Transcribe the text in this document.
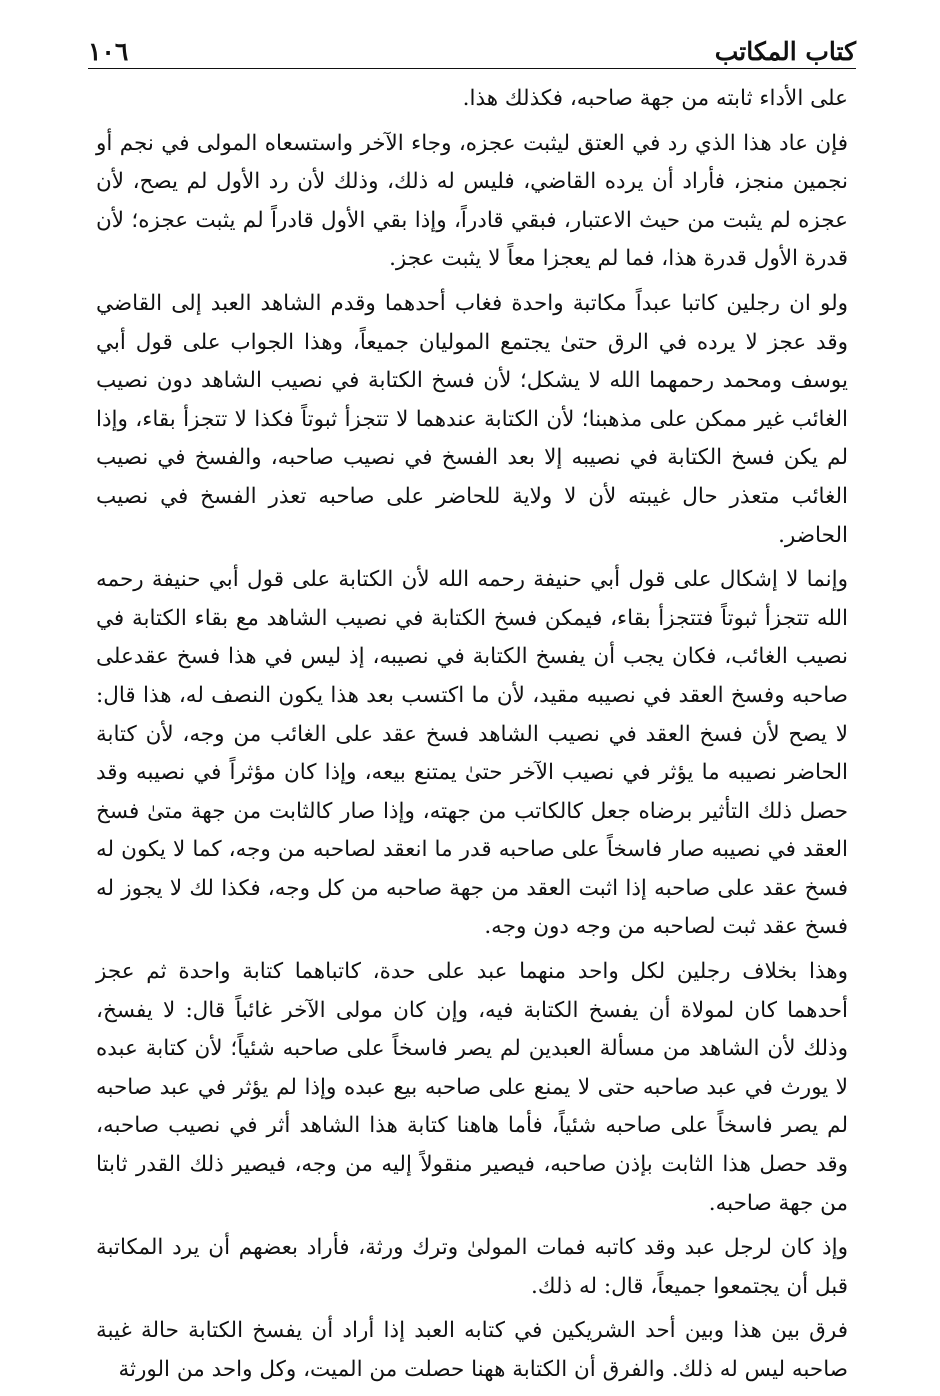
كتاب المكاتب
١٠٦

على الأداء ثابته من جهة صاحبه، فكذلك هذا.

فإن عاد هذا الذي رد في العتق ليثبت عجزه، وجاء الآخر واستسعاه المولى في نجم أو نجمين منجز، فأراد أن يرده القاضي، فليس له ذلك، وذلك لأن رد الأول لم يصح، لأن عجزه لم يثبت من حيث الاعتبار، فبقي قادراً، وإذا بقي الأول قادراً لم يثبت عجزه؛ لأن قدرة الأول قدرة هذا، فما لم يعجزا معاً لا يثبت عجز.

ولو ان رجلين كاتبا عبداً مكاتبة واحدة فغاب أحدهما وقدم الشاهد العبد إلى القاضي وقد عجز لا يرده في الرق حتىٰ يجتمع المولیان جميعاً، وهذا الجواب على قول أبي يوسف ومحمد رحمهما الله لا يشكل؛ لأن فسخ الكتابة في نصيب الشاهد دون نصيب الغائب غير ممكن على مذهبنا؛ لأن الكتابة عندهما لا تتجزأ ثبوتاً فكذا لا تتجزأ بقاء، وإذا لم يكن فسخ الكتابة في نصيبه إلا بعد الفسخ في نصيب صاحبه، والفسخ في نصيب الغائب متعذر حال غيبته لأن لا ولاية للحاضر على صاحبه تعذر الفسخ في نصيب الحاضر.

وإنما لا إشكال على قول أبي حنيفة رحمه الله لأن الكتابة على قول أبي حنيفة رحمه الله تتجزأ ثبوتاً فتتجزأ بقاء، فيمكن فسخ الكتابة في نصيب الشاهد مع بقاء الكتابة في نصيب الغائب، فكان يجب أن يفسخ الكتابة في نصيبه، إذ ليس في هذا فسخ عقدعلى صاحبه وفسخ العقد في نصيبه مقيد، لأن ما اكتسب بعد هذا يكون النصف له، هذا قال: لا يصح لأن فسخ العقد في نصيب الشاهد فسخ عقد على الغائب من وجه، لأن كتابة الحاضر نصيبه ما يؤثر في نصيب الآخر حتىٰ يمتنع بيعه، وإذا كان مؤثراً في نصيبه وقد حصل ذلك التأثير برضاه جعل كالكاتب من جهته، وإذا صار كالثابت من جهة متىٰ فسخ العقد في نصيبه صار فاسخاً على صاحبه قدر ما انعقد لصاحبه من وجه، كما لا يكون له فسخ عقد على صاحبه إذا اثبت العقد من جهة صاحبه من كل وجه، فكذا لك لا يجوز له فسخ عقد ثبت لصاحبه من وجه دون وجه.

وهذا بخلاف رجلين لكل واحد منهما عبد على حدة، كاتباهما كتابة واحدة ثم عجز أحدهما كان لمولاة أن يفسخ الكتابة فيه، وإن كان مولى الآخر غائباً قال: لا يفسخ، وذلك لأن الشاهد من مسألة العبدين لم يصر فاسخاً على صاحبه شئياً؛ لأن كتابة عبده لا يورث في عبد صاحبه حتى لا يمنع على صاحبه بيع عبده وإذا لم يؤثر في عبد صاحبه لم يصر فاسخاً على صاحبه شئياً، فأما هاهنا كتابة هذا الشاهد أثر في نصيب صاحبه، وقد حصل هذا الثابت بإذن صاحبه، فيصير منقولاً إليه من وجه، فيصير ذلك القدر ثابتا من جهة صاحبه.

وإذ كان لرجل عبد وقد كاتبه فمات المولىٰ وترك ورثة، فأراد بعضهم أن يرد المكاتبة قبل أن يجتمعوا جميعاً، قال: له ذلك.

فرق بين هذا وبين أحد الشريكين في كتابه العبد إذا أراد أن يفسخ الكتابة حالة غيبة صاحبه ليس له ذلك. والفرق أن الكتابة ههنا حصلت من الميت، وكل واحد من الورثة
